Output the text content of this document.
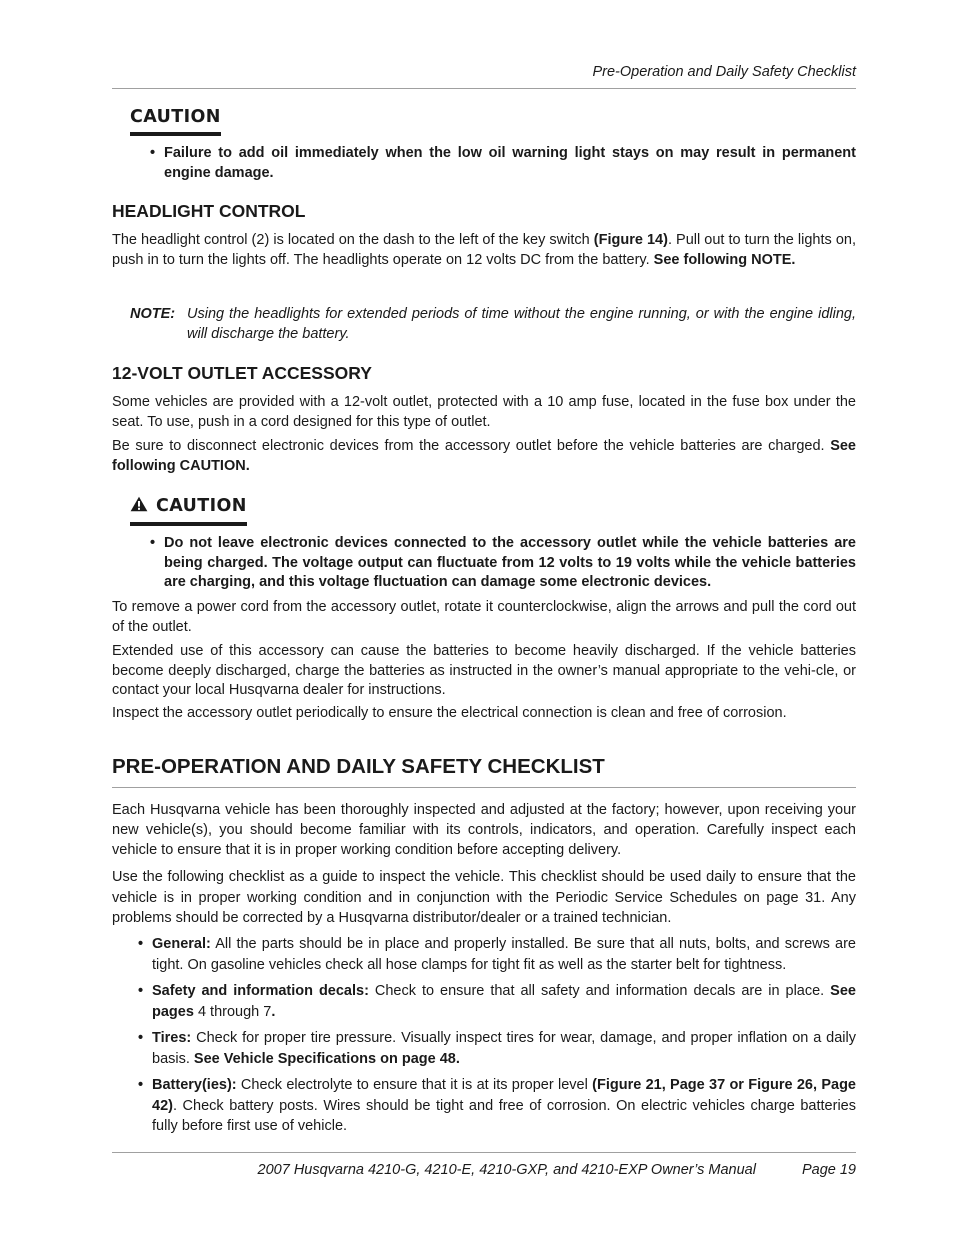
Pre-Operation and Daily Safety Checklist
CAUTION
• Failure to add oil immediately when the low oil warning light stays on may result in permanent engine damage.
HEADLIGHT CONTROL

The headlight control (2) is located on the dash to the left of the key switch (Figure 14). Pull out to turn the lights on, push in to turn the lights off. The headlights operate on 12 volts DC from the battery. See following NOTE.

NOTE: Using the headlights for extended periods of time without the engine running, or with the engine idling, will discharge the battery.
12-VOLT OUTLET ACCESSORY

Some vehicles are provided with a 12-volt outlet, protected with a 10 amp fuse, located in the fuse box under the seat. To use, push in a cord designed for this type of outlet.

Be sure to disconnect electronic devices from the accessory outlet before the vehicle batteries are charged. See following CAUTION.

CAUTION
• Do not leave electronic devices connected to the accessory outlet while the vehicle batteries are being charged. The voltage output can fluctuate from 12 volts to 19 volts while the vehicle batteries are charging, and this voltage fluctuation can damage some electronic devices.

To remove a power cord from the accessory outlet, rotate it counterclockwise, align the arrows and pull the cord out of the outlet.

Extended use of this accessory can cause the batteries to become heavily discharged. If the vehicle batteries become deeply discharged, charge the batteries as instructed in the owner’s manual appropriate to the vehi-cle, or contact your local Husqvarna dealer for instructions.

Inspect the accessory outlet periodically to ensure the electrical connection is clean and free of corrosion.

PRE-OPERATION AND DAILY SAFETY CHECKLIST

Each Husqvarna vehicle has been thoroughly inspected and adjusted at the factory; however, upon receiving your new vehicle(s), you should become familiar with its controls, indicators, and operation. Carefully inspect each vehicle to ensure that it is in proper working condition before accepting delivery.

Use the following checklist as a guide to inspect the vehicle. This checklist should be used daily to ensure that the vehicle is in proper working condition and in conjunction with the Periodic Service Schedules on page 31. Any problems should be corrected by a Husqvarna distributor/dealer or a trained technician.

• General: All the parts should be in place and properly installed. Be sure that all nuts, bolts, and screws are tight. On gasoline vehicles check all hose clamps for tight fit as well as the starter belt for tightness.
• Safety and information decals: Check to ensure that all safety and information decals are in place. See pages 4 through 7.
• Tires: Check for proper tire pressure. Visually inspect tires for wear, damage, and proper inflation on a daily basis. See Vehicle Specifications on page 48.
• Battery(ies): Check electrolyte to ensure that it is at its proper level (Figure 21, Page 37 or Figure 26, Page 42). Check battery posts. Wires should be tight and free of corrosion. On electric vehicles charge batteries fully before first use of vehicle.
2007 Husqvarna 4210-G, 4210-E, 4210-GXP, and 4210-EXP Owner’s Manual	Page 19
